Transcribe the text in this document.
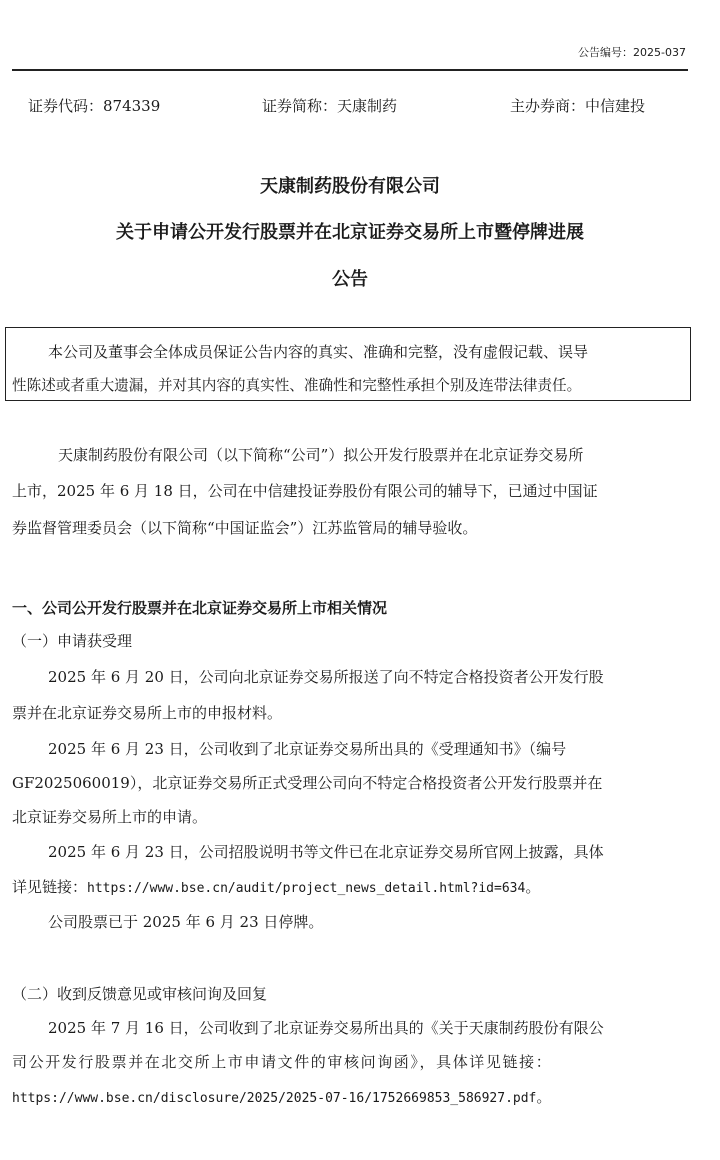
公告编号：2025-037
证券代码：874339	证券简称：天康制药	主办券商：中信建投
天康制药股份有限公司
关于申请公开发行股票并在北京证券交易所上市暨停牌进展
公告
本公司及董事会全体成员保证公告内容的真实、准确和完整，没有虚假记载、误导
性陈述或者重大遗漏，并对其内容的真实性、准确性和完整性承担个别及连带法律责任。
天康制药股份有限公司（以下简称“公司”）拟公开发行股票并在北京证券交易所
上市，2025 年 6 月 18 日，公司在中信建投证券股份有限公司的辅导下，已通过中国证
券监督管理委员会（以下简称“中国证监会”）江苏监管局的辅导验收。
一、公司公开发行股票并在北京证券交易所上市相关情况
（一）申请获受理
2025 年 6 月 20 日，公司向北京证券交易所报送了向不特定合格投资者公开发行股
票并在北京证券交易所上市的申报材料。
2025 年 6 月 23 日，公司收到了北京证券交易所出具的《受理通知书》（编号
GF2025060019），北京证券交易所正式受理公司向不特定合格投资者公开发行股票并在
北京证券交易所上市的申请。
2025 年 6 月 23 日，公司招股说明书等文件已在北京证券交易所官网上披露，具体
详见链接：https://www.bse.cn/audit/project_news_detail.html?id=634。
公司股票已于 2025 年 6 月 23 日停牌。
（二）收到反馈意见或审核问询及回复
2025 年 7 月 16 日，公司收到了北京证券交易所出具的《关于天康制药股份有限公
司公开发行股票并在北交所上市申请文件的审核问询函》，具体详见链接：
https://www.bse.cn/disclosure/2025/2025-07-16/1752669853_586927.pdf。
